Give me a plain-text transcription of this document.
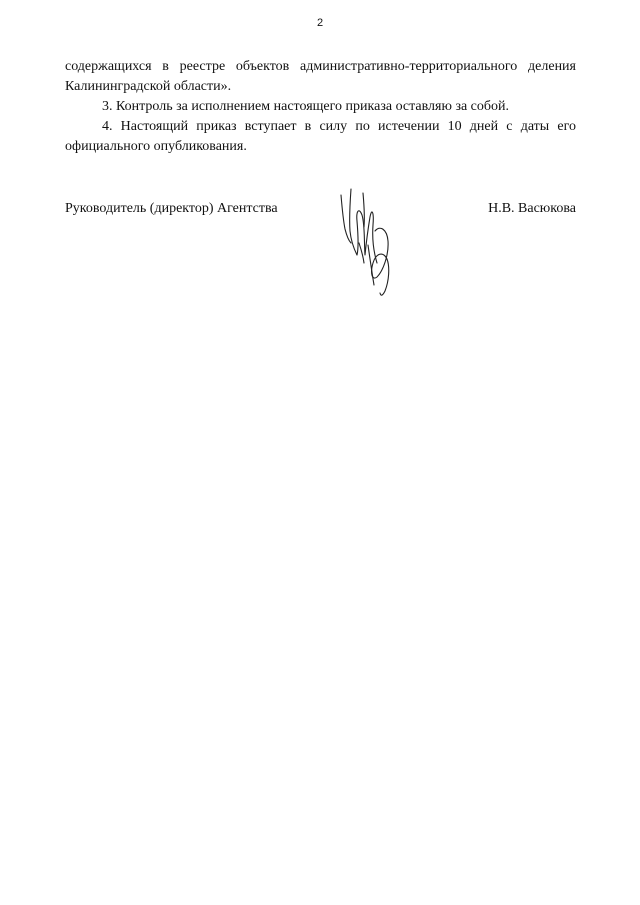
2

содержащихся в реестре объектов административно-территориального деления
Калининградской области».

3. Контроль за исполнением настоящего приказа оставляю за собой.

4. Настоящий приказ вступает в силу по истечении 10 дней с даты его
официального опубликования.

Руководитель (директор) Агентства	Н.В. Васюкова
